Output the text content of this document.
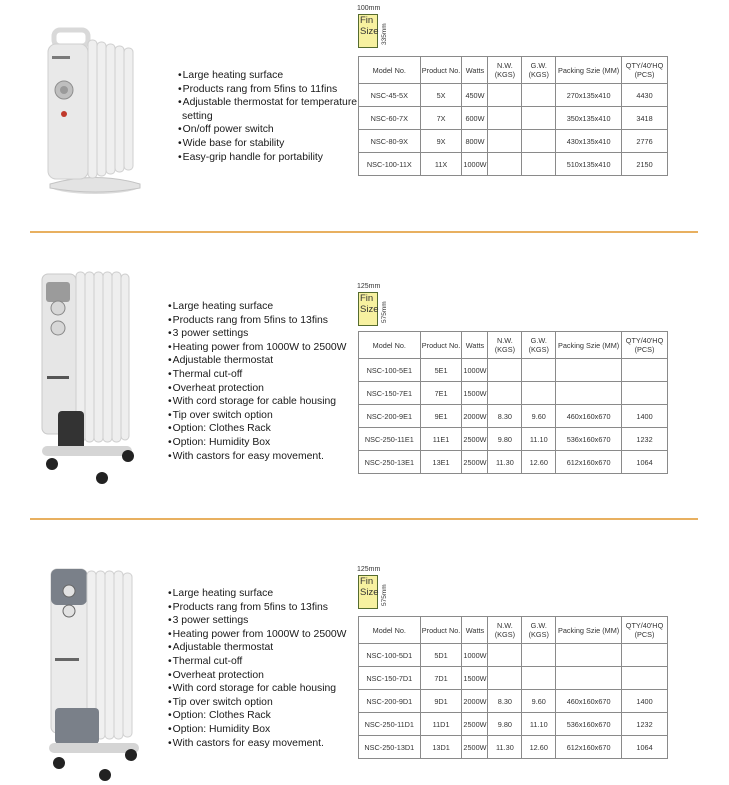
• Large heating surface
• Products rang from 5fins to 11fins
• Adjustable thermostat for temperature
setting
• On/off power switch
• Wide base for stability
• Easy-grip handle for portability
100mm
Fin
Size 335mm
Model No.	Product No.	Watts	N.W. (KGS)	G.W. (KGS)	Packing Szie (MM)	QTY/40'HQ (PCS)
NSC-45-5X	5X	450W			270x135x410	4430
NSC-60-7X	7X	600W			350x135x410	3418
NSC-80-9X	9X	800W			430x135x410	2776
NSC-100-11X	11X	1000W			510x135x410	2150
• Large heating surface
• Products rang from 5fins to 13fins
• 3 power settings
• Heating power from 1000W to 2500W
• Adjustable thermostat
• Thermal cut-off
• Overheat protection
• With cord storage for cable housing
• Tip over switch option
• Option: Clothes Rack
• Option: Humidity Box
• With castors for easy movement.
125mm
Fin
Size 575mm
Model No.	Product No.	Watts	N.W. (KGS)	G.W. (KGS)	Packing Szie (MM)	QTY/40'HQ (PCS)
NSC-100-5E1	5E1	1000W				
NSC-150-7E1	7E1	1500W				
NSC-200-9E1	9E1	2000W	8.30	9.60	460x160x670	1400
NSC-250-11E1	11E1	2500W	9.80	11.10	536x160x670	1232
NSC-250-13E1	13E1	2500W	11.30	12.60	612x160x670	1064
• Large heating surface
• Products rang from 5fins to 13fins
• 3 power settings
• Heating power from 1000W to 2500W
• Adjustable thermostat
• Thermal cut-off
• Overheat protection
• With cord storage for cable housing
• Tip over switch option
• Option: Clothes Rack
• Option: Humidity Box
• With castors for easy movement.
125mm
Fin
Size 575mm
Model No.	Product No.	Watts	N.W. (KGS)	G.W. (KGS)	Packing Szie (MM)	QTY/40'HQ (PCS)
NSC-100-5D1	5D1	1000W				
NSC-150-7D1	7D1	1500W				
NSC-200-9D1	9D1	2000W	8.30	9.60	460x160x670	1400
NSC-250-11D1	11D1	2500W	9.80	11.10	536x160x670	1232
NSC-250-13D1	13D1	2500W	11.30	12.60	612x160x670	1064
